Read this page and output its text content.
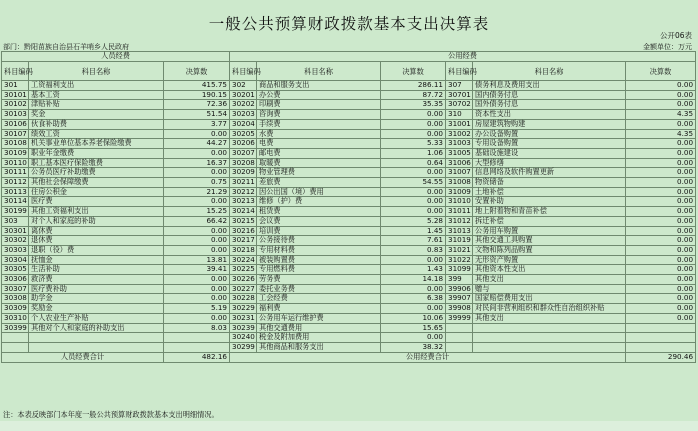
一般公共预算财政拨款基本支出决算表
公开06表
部门：黔阳苗族自治县石羊哨乡人民政府	金额单位：万元
人员经费			公用经费					
科目编码	科目名称	决算数	科目编码	科目名称	决算数	科目编码	科目名称	决算数
301	工资福利支出	415.75	302	商品和服务支出	286.11	307	债务利息及费用支出	0.00
30101	基本工资	190.15	30201	办公费	87.72	30701	国内债务付息	0.00
30102	津贴补贴	72.36	30202	印刷费	35.35	30702	国外债务付息	0.00
30103	奖金	51.54	30203	咨询费	0.00	310	资本性支出	4.35
30106	伙食补助费	3.77	30204	手续费	0.00	31001	房屋建筑物购建	0.00
30107	绩效工资	0.00	30205	水费	0.00	31002	办公设备购置	4.35
30108	机关事业单位基本养老保险缴费	44.27	30206	电费	5.33	31003	专用设备购置	0.00
30109	职业年金缴费	0.00	30207	邮电费	1.06	31005	基础设施建设	0.00
30110	职工基本医疗保险缴费	16.37	30208	取暖费	0.64	31006	大型修缮	0.00
30111	公务员医疗补助缴费	0.00	30209	物业管理费	0.00	31007	信息网络及软件购置更新	0.00
30112	其他社会保障缴费	0.75	30211	差旅费	54.55	31008	物资储备	0.00
30113	住房公积金	21.29	30212	因公出国（境）费用	0.00	31009	土地补偿	0.00
30114	医疗费	0.00	30213	维修（护）费	0.00	31010	安置补助	0.00
30199	其他工资福利支出	15.25	30214	租赁费	0.00	31011	地上附着物和青苗补偿	0.00
303	对个人和家庭的补助	66.42	30215	会议费	5.28	31012	拆迁补偿	0.00
30301	离休费	0.00	30216	培训费	1.45	31013	公务用车购置	0.00
30302	退休费	0.00	30217	公务接待费	7.61	31019	其他交通工具购置	0.00
30303	退职（役）费	0.00	30218	专用材料费	0.83	31021	文物和陈列品购置	0.00
30304	抚恤金	13.81	30224	被装购置费	0.00	31022	无形资产购置	0.00
30305	生活补助	39.41	30225	专用燃料费	1.43	31099	其他资本性支出	0.00
30306	救济费	0.00	30226	劳务费	14.18	399	其他支出	0.00
30307	医疗费补助	0.00	30227	委托业务费	0.00	39906	赠与	0.00
30308	助学金	0.00	30228	工会经费	6.38	39907	国家赔偿费用支出	0.00
30309	奖励金	5.19	30229	福利费	0.00	39908	对民间非营利组织和群众性自治组织补贴	0.00
30310	个人农业生产补贴	0.00	30231	公务用车运行维护费	10.06	39999	其他支出	0.00
30399	其他对个人和家庭的补助支出	8.03	30239	其他交通费用	15.65			
			30240	税金及附加费用	0.00			
			30299	其他商品和服务支出	38.32			
人员经费合计		482.16	公用经费合计					290.46
注：本表反映部门本年度一般公共预算财政拨款基本支出明细情况。
